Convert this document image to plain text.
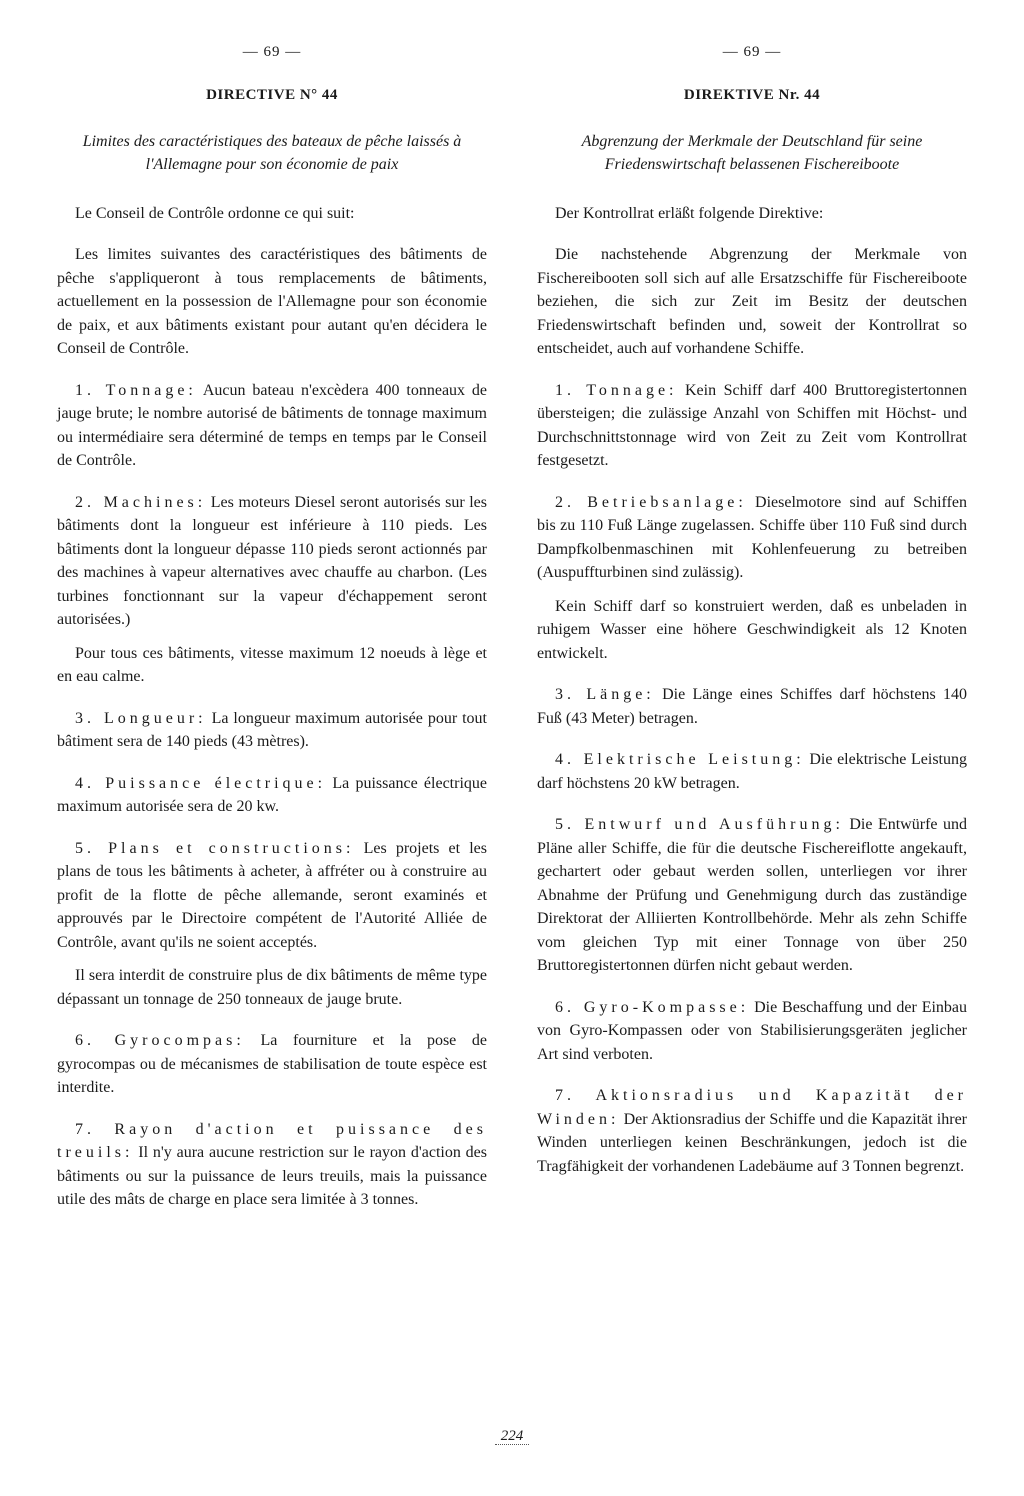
— 69 —
DIRECTIVE N° 44
Limites des caractéristiques des bateaux de pêche laissés à l'Allemagne pour son économie de paix
Le Conseil de Contrôle ordonne ce qui suit:

Les limites suivantes des caractéristiques des bâtiments de pêche s'appliqueront à tous remplacements de bâtiments, actuellement en la possession de l'Allemagne pour son économie de paix, et aux bâtiments existant pour autant qu'en décidera le Conseil de Contrôle.

1. Tonnage: Aucun bateau n'excèdera 400 tonneaux de jauge brute; le nombre autorisé de bâtiments de tonnage maximum ou intermédiaire sera déterminé de temps en temps par le Conseil de Contrôle.

2. Machines: Les moteurs Diesel seront autorisés sur les bâtiments dont la longueur est inférieure à 110 pieds. Les bâtiments dont la longueur dépasse 110 pieds seront actionnés par des machines à vapeur alternatives avec chauffe au charbon. (Les turbines fonctionnant sur la vapeur d'échappement seront autorisées.)

Pour tous ces bâtiments, vitesse maximum 12 noeuds à lège et en eau calme.

3. Longueur: La longueur maximum autorisée pour tout bâtiment sera de 140 pieds (43 mètres).

4. Puissance électrique: La puissance électrique maximum autorisée sera de 20 kw.

5. Plans et constructions: Les projets et les plans de tous les bâtiments à acheter, à affréter ou à construire au profit de la flotte de pêche allemande, seront examinés et approuvés par le Directoire compétent de l'Autorité Alliée de Contrôle, avant qu'ils ne soient acceptés.

Il sera interdit de construire plus de dix bâtiments de même type dépassant un tonnage de 250 tonneaux de jauge brute.

6. Gyrocompas: La fourniture et la pose de gyrocompas ou de mécanismes de stabilisation de toute espèce est interdite.

7. Rayon d'action et puissance des treuils: Il n'y aura aucune restriction sur le rayon d'action des bâtiments ou sur la puissance de leurs treuils, mais la puissance utile des mâts de charge en place sera limitée à 3 tonnes.

— 69 —
DIREKTIVE Nr. 44
Abgrenzung der Merkmale der Deutschland für seine Friedenswirtschaft belassenen Fischereiboote
Der Kontrollrat erläßt folgende Direktive:

Die nachstehende Abgrenzung der Merkmale von Fischereibooten soll sich auf alle Ersatzschiffe für Fischereiboote beziehen, die sich zur Zeit im Besitz der deutschen Friedenswirtschaft befinden und, soweit der Kontrollrat so entscheidet, auch auf vorhandene Schiffe.

1. Tonnage: Kein Schiff darf 400 Bruttoregistertonnen übersteigen; die zulässige Anzahl von Schiffen mit Höchst- und Durchschnittstonnage wird von Zeit zu Zeit vom Kontrollrat festgesetzt.

2. Betriebsanlage: Dieselmotore sind auf Schiffen bis zu 110 Fuß Länge zugelassen. Schiffe über 110 Fuß sind durch Dampfkolbenmaschinen mit Kohlenfeuerung zu betreiben (Auspuffturbinen sind zulässig).

Kein Schiff darf so konstruiert werden, daß es unbeladen in ruhigem Wasser eine höhere Geschwindigkeit als 12 Knoten entwickelt.

3. Länge: Die Länge eines Schiffes darf höchstens 140 Fuß (43 Meter) betragen.

4. Elektrische Leistung: Die elektrische Leistung darf höchstens 20 kW betragen.

5. Entwurf und Ausführung: Die Entwürfe und Pläne aller Schiffe, die für die deutsche Fischereiflotte angekauft, gechartert oder gebaut werden sollen, unterliegen vor ihrer Abnahme der Prüfung und Genehmigung durch das zuständige Direktorat der Alliierten Kontrollbehörde. Mehr als zehn Schiffe vom gleichen Typ mit einer Tonnage von über 250 Bruttoregistertonnen dürfen nicht gebaut werden.

6. Gyro-Kompasse: Die Beschaffung und der Einbau von Gyro-Kompassen oder von Stabilisierungsgeräten jeglicher Art sind verboten.

7. Aktionsradius und Kapazität der Winden: Der Aktionsradius der Schiffe und die Kapazität ihrer Winden unterliegen keinen Beschränkungen, jedoch ist die Tragfähigkeit der vorhandenen Ladebäume auf 3 Tonnen begrenzt.

224
